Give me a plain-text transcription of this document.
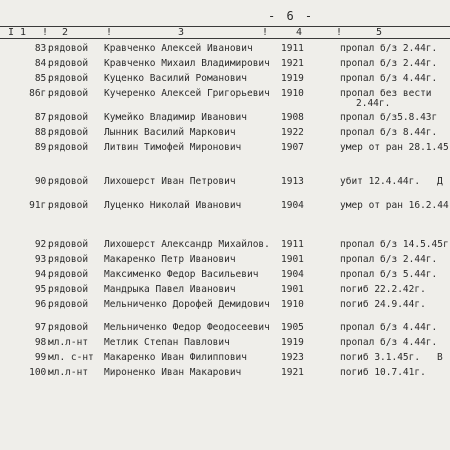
- 6 -
1	2	3	4	5
I	!	!	!	!
83.
рядовой Кравченко Алексей Иванович	1911	пропал б/з 2.44г.
84.
рядовой Кравченко Михаил Владимирович 1921	пропал б/з 2.44г.
85.
рядовой Куценко Василий Романович	1919	пропал б/з 4.44г.
86г.
рядовой Кучеренко Алексей Григорьевич 1910	пропал без вести
2.44г.
87.
рядовой Кумейко Владимир Иванович	1908	пропал б/з5.8.43г
88.
рядовой Лынник Василий Маркович	1922	пропал б/з 8.44г.
89.
рядовой Литвин Тимофей Миронович	1907	умер от ран 28.1.45
90.
рядовой Лихошерст Иван Петрович	1913	убит 12.4.44г. Д
91г.
рядовой Луценко Николай Иванович	1904	умер от ран 16.2.44
92.
рядовой Лихошерст Александр Михайлов. 1911	пропал б/з 14.5.45г
93.
рядовой Макаренко Петр Иванович	1901	пропал б/з 2.44г.
94.
рядовой Максименко Федор Васильевич 1904	пропал б/з 5.44г.
95.
рядовой Мандрыка Павел Иванович	1901	погиб 22.2.42г.
96.
рядовой Мельниченко Дорофей Демидович 1910	погиб 24.9.44г.
97.
рядовой Мельниченко Федор Феодосеевич 1905	пропал б/з 4.44г.
98.
мл.л-нт Метлик Степан Павлович	1919	пропал б/з 4.44г.
99.
мл. с-нт Макаренко Иван Филиппович	1923	погиб 3.1.45г. В
100.
мл.л-нт Мироненко Иван Макарович	1921	погиб 10.7.41г.
